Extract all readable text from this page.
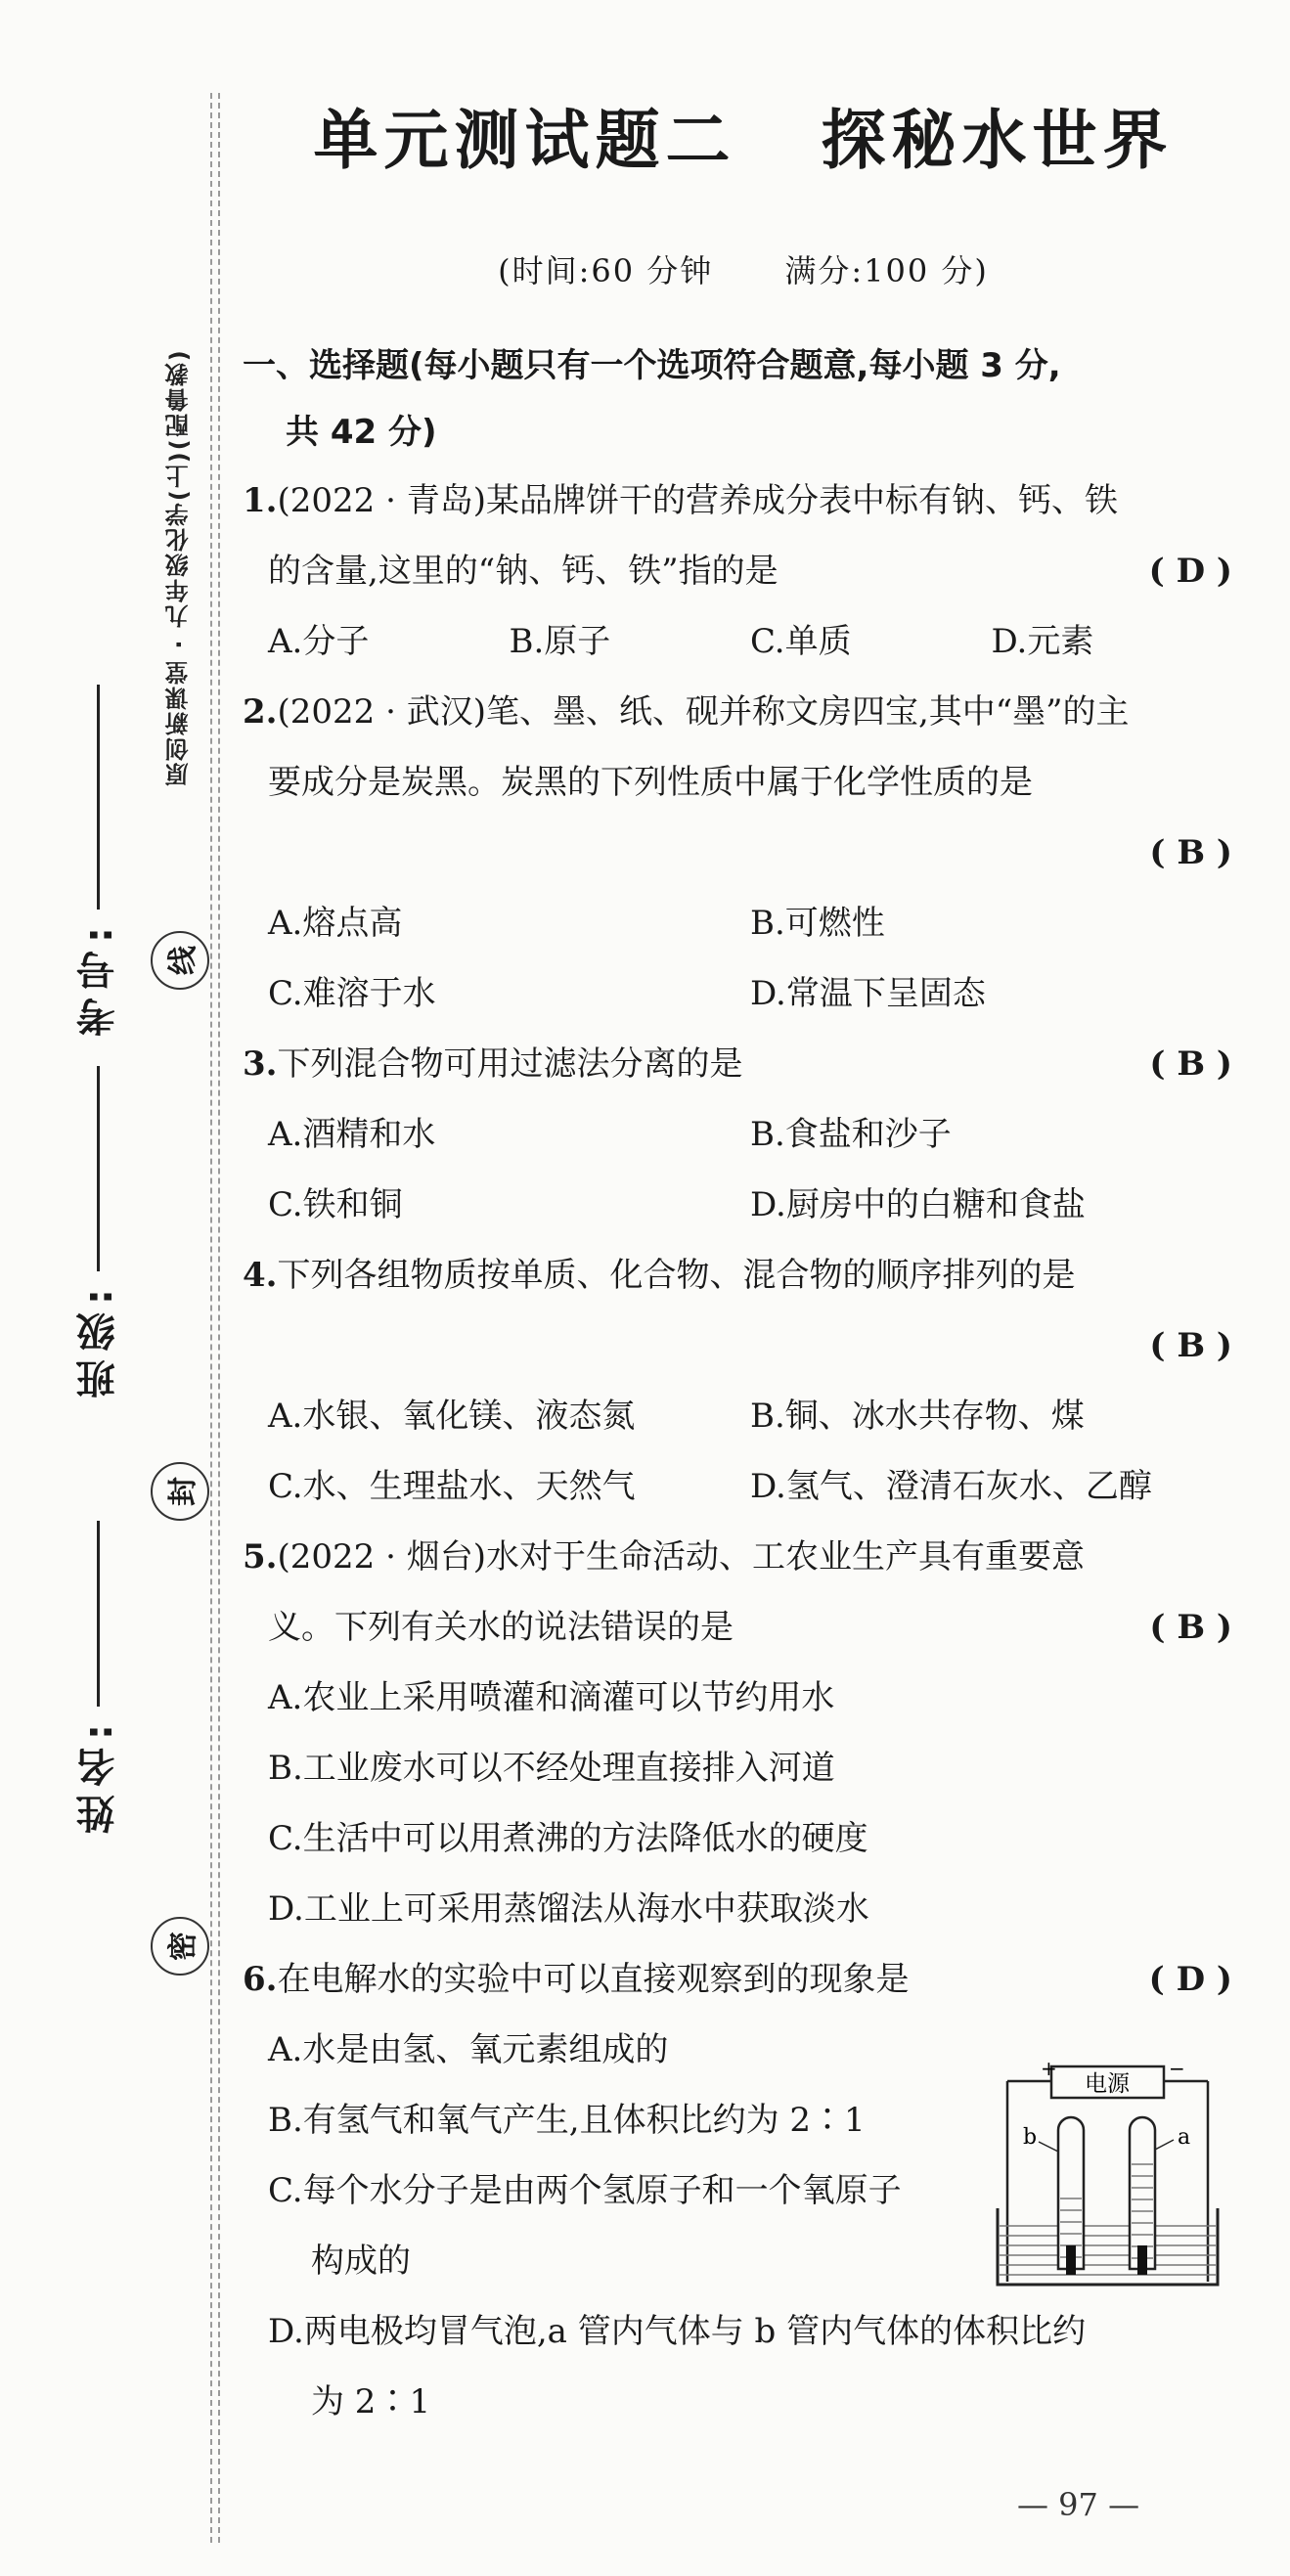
原创新课堂 · 九年级化学(上)(配鲁教)
线
封
密
考号:
班级:
姓名:
单元测试题二   探秘水世界
(时间:60 分钟      满分:100 分)
一、选择题(每小题只有一个选项符合题意,每小题 3 分,
共 42 分)
1. (2022 · 青岛)某品牌饼干的营养成分表中标有钠、钙、铁
的含量,这里的“钠、钙、铁”指的是	( D )
A.分子	B.原子	C.单质	D.元素
2. (2022 · 武汉)笔、墨、纸、砚并称文房四宝,其中“墨”的主
要成分是炭黑。炭黑的下列性质中属于化学性质的是
( B )
A.熔点高	B.可燃性
C.难溶于水	D.常温下呈固态
3. 下列混合物可用过滤法分离的是	( B )
A.酒精和水	B.食盐和沙子
C.铁和铜	D.厨房中的白糖和食盐
4. 下列各组物质按单质、化合物、混合物的顺序排列的是
( B )
A.水银、氧化镁、液态氮	B.铜、冰水共存物、煤
C.水、生理盐水、天然气	D.氢气、澄清石灰水、乙醇
5. (2022 · 烟台)水对于生命活动、工农业生产具有重要意
义。下列有关水的说法错误的是	( B )
A.农业上采用喷灌和滴灌可以节约用水
B.工业废水可以不经处理直接排入河道
C.生活中可以用煮沸的方法降低水的硬度
D.工业上可采用蒸馏法从海水中获取淡水
6. 在电解水的实验中可以直接观察到的现象是	( D )
A.水是由氢、氧元素组成的
B.有氢气和氧气产生,且体积比约为 2∶1
C.每个水分子是由两个氢原子和一个氧原子
构成的
D.两电极均冒气泡,a 管内气体与 b 管内气体的体积比约
为 2∶1
电源
+	−
b	a
— 97 —
